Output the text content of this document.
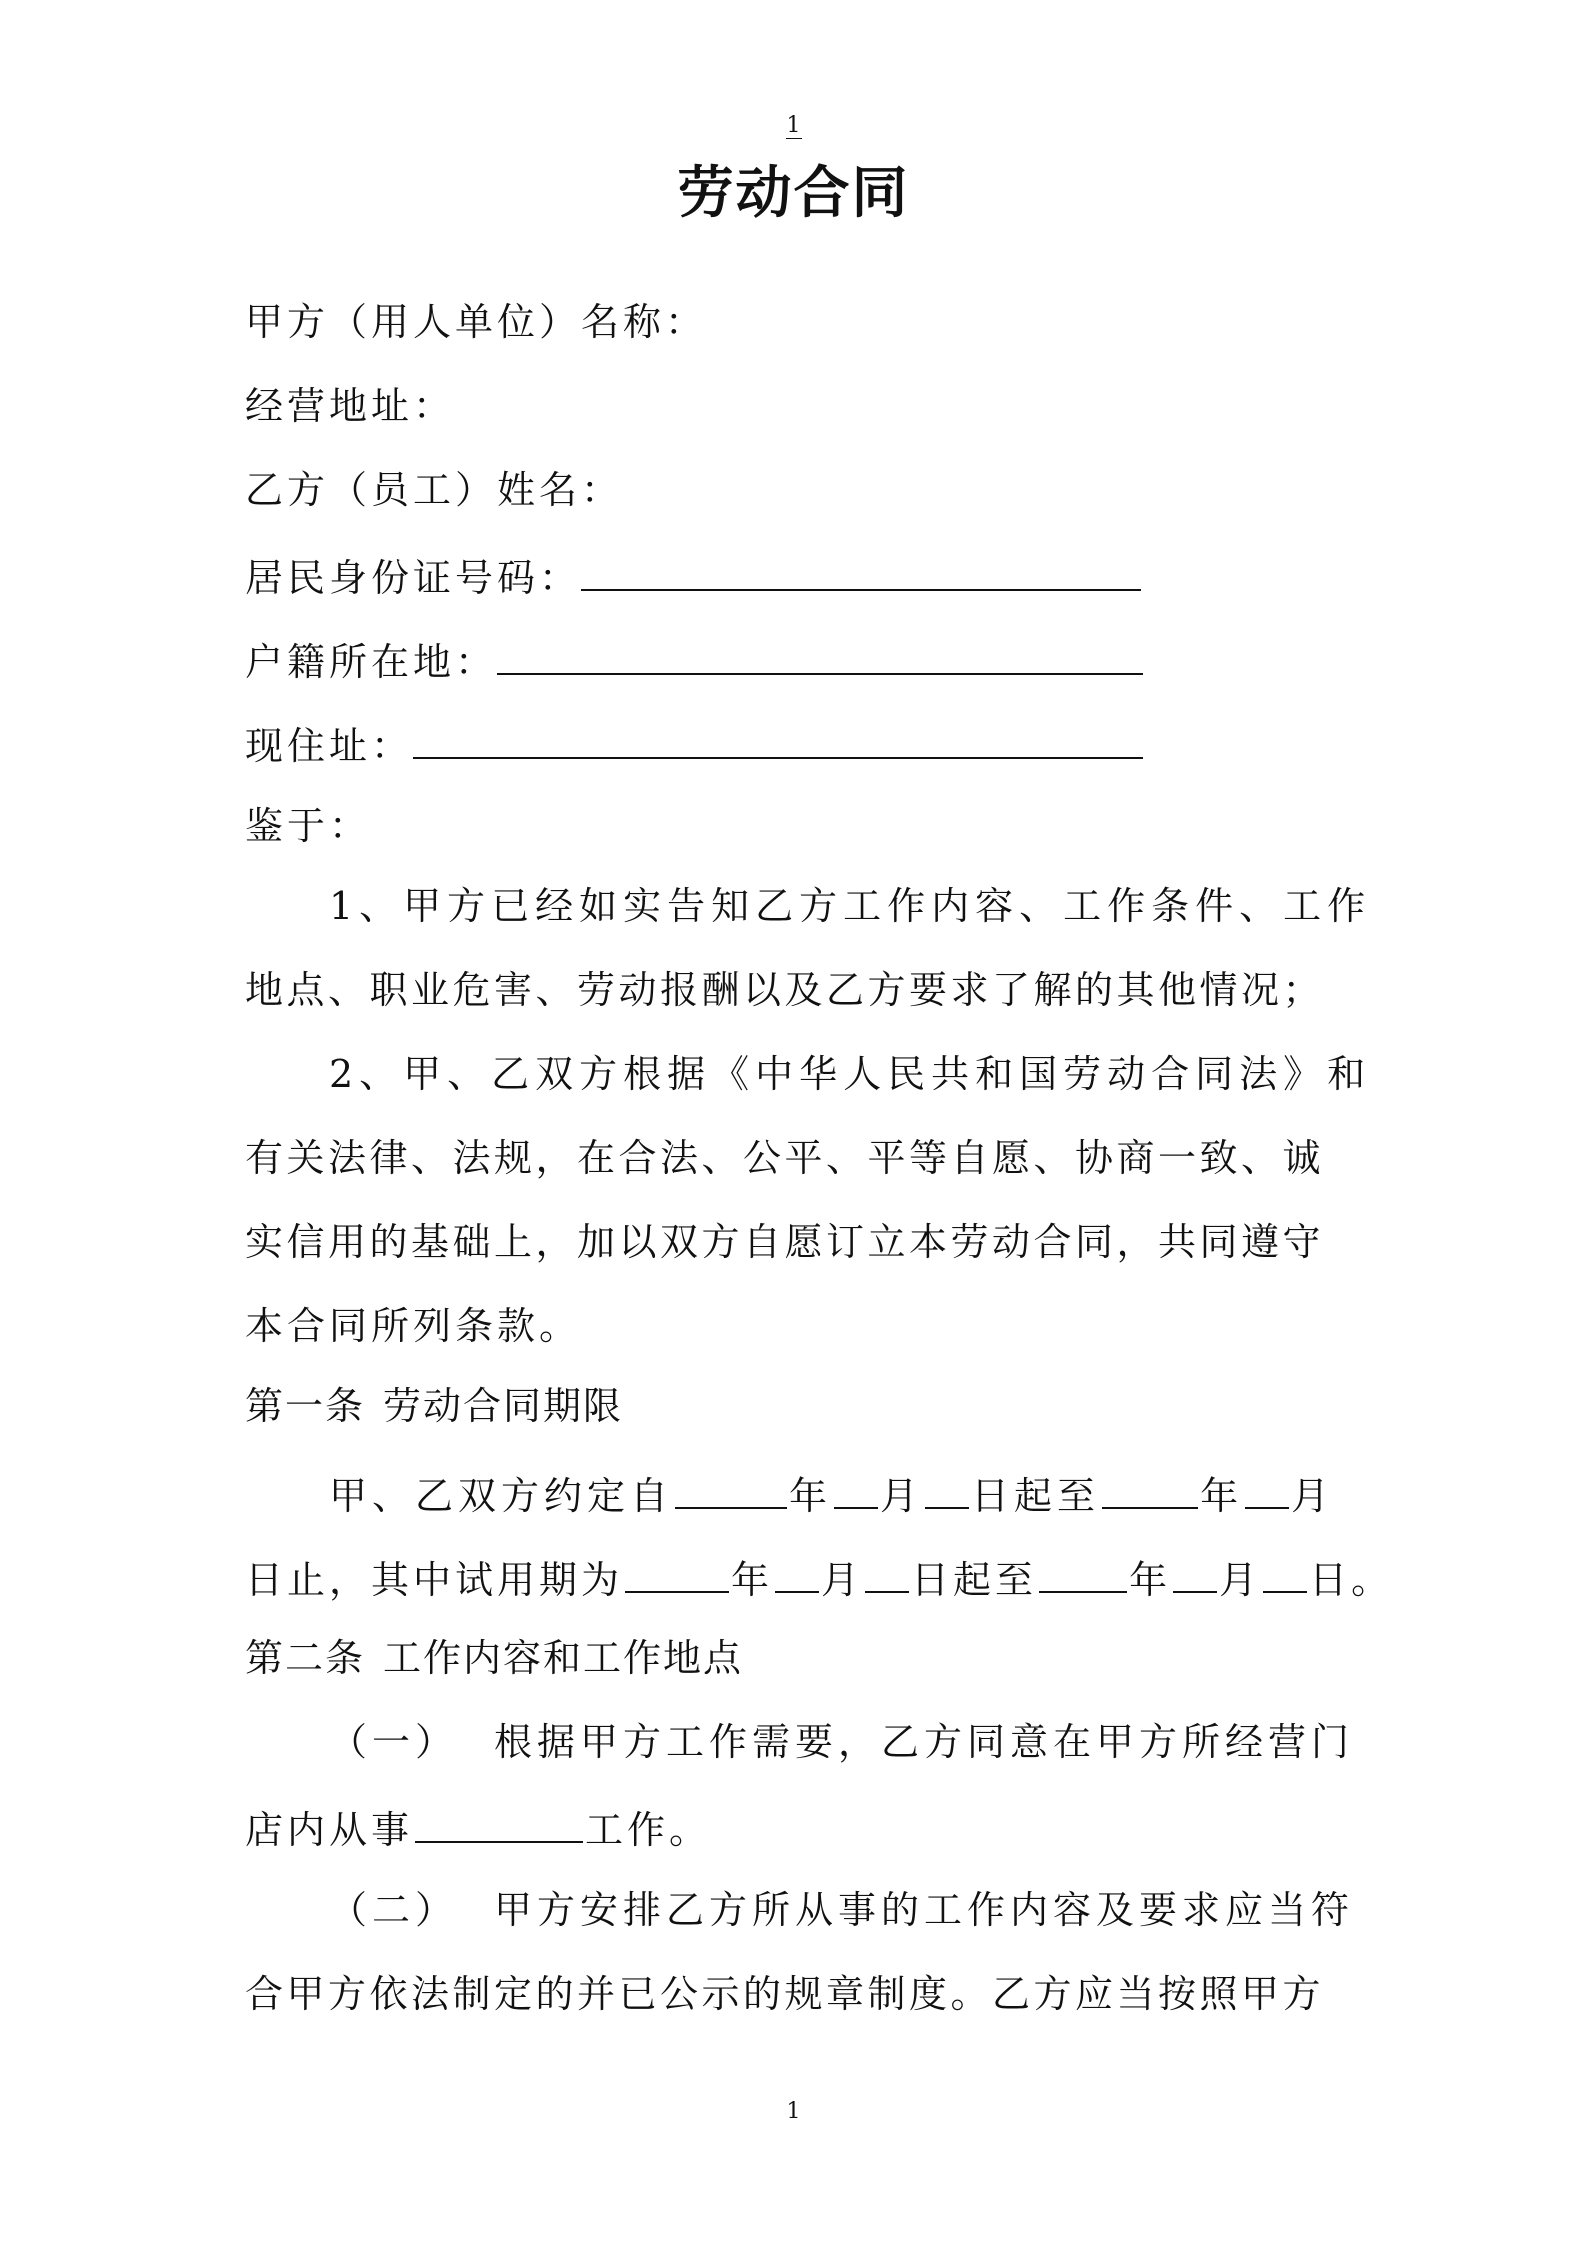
1
劳动合同
甲方（用人单位）名称：
经营地址：
乙方（员工）姓名：
居民身份证号码：
户籍所在地：
现住址：
鉴于：
1、甲方已经如实告知乙方工作内容、工作条件、工作
地点、职业危害、劳动报酬以及乙方要求了解的其他情况；
2、甲、乙双方根据《中华人民共和国劳动合同法》和
有关法律、法规，在合法、公平、平等自愿、协商一致、诚
实信用的基础上，加以双方自愿订立本劳动合同，共同遵守
本合同所列条款。
第一条 劳动合同期限
甲、乙双方约定自	年 月 日起至	年 月
日止，其中试用期为	年 月 日起至 年 月 日。
第二条 工作内容和工作地点
（一） 根据甲方工作需要，乙方同意在甲方所经营门
店内从事	工作。
（二） 甲方安排乙方所从事的工作内容及要求应当符
合甲方依法制定的并已公示的规章制度。乙方应当按照甲方
1
